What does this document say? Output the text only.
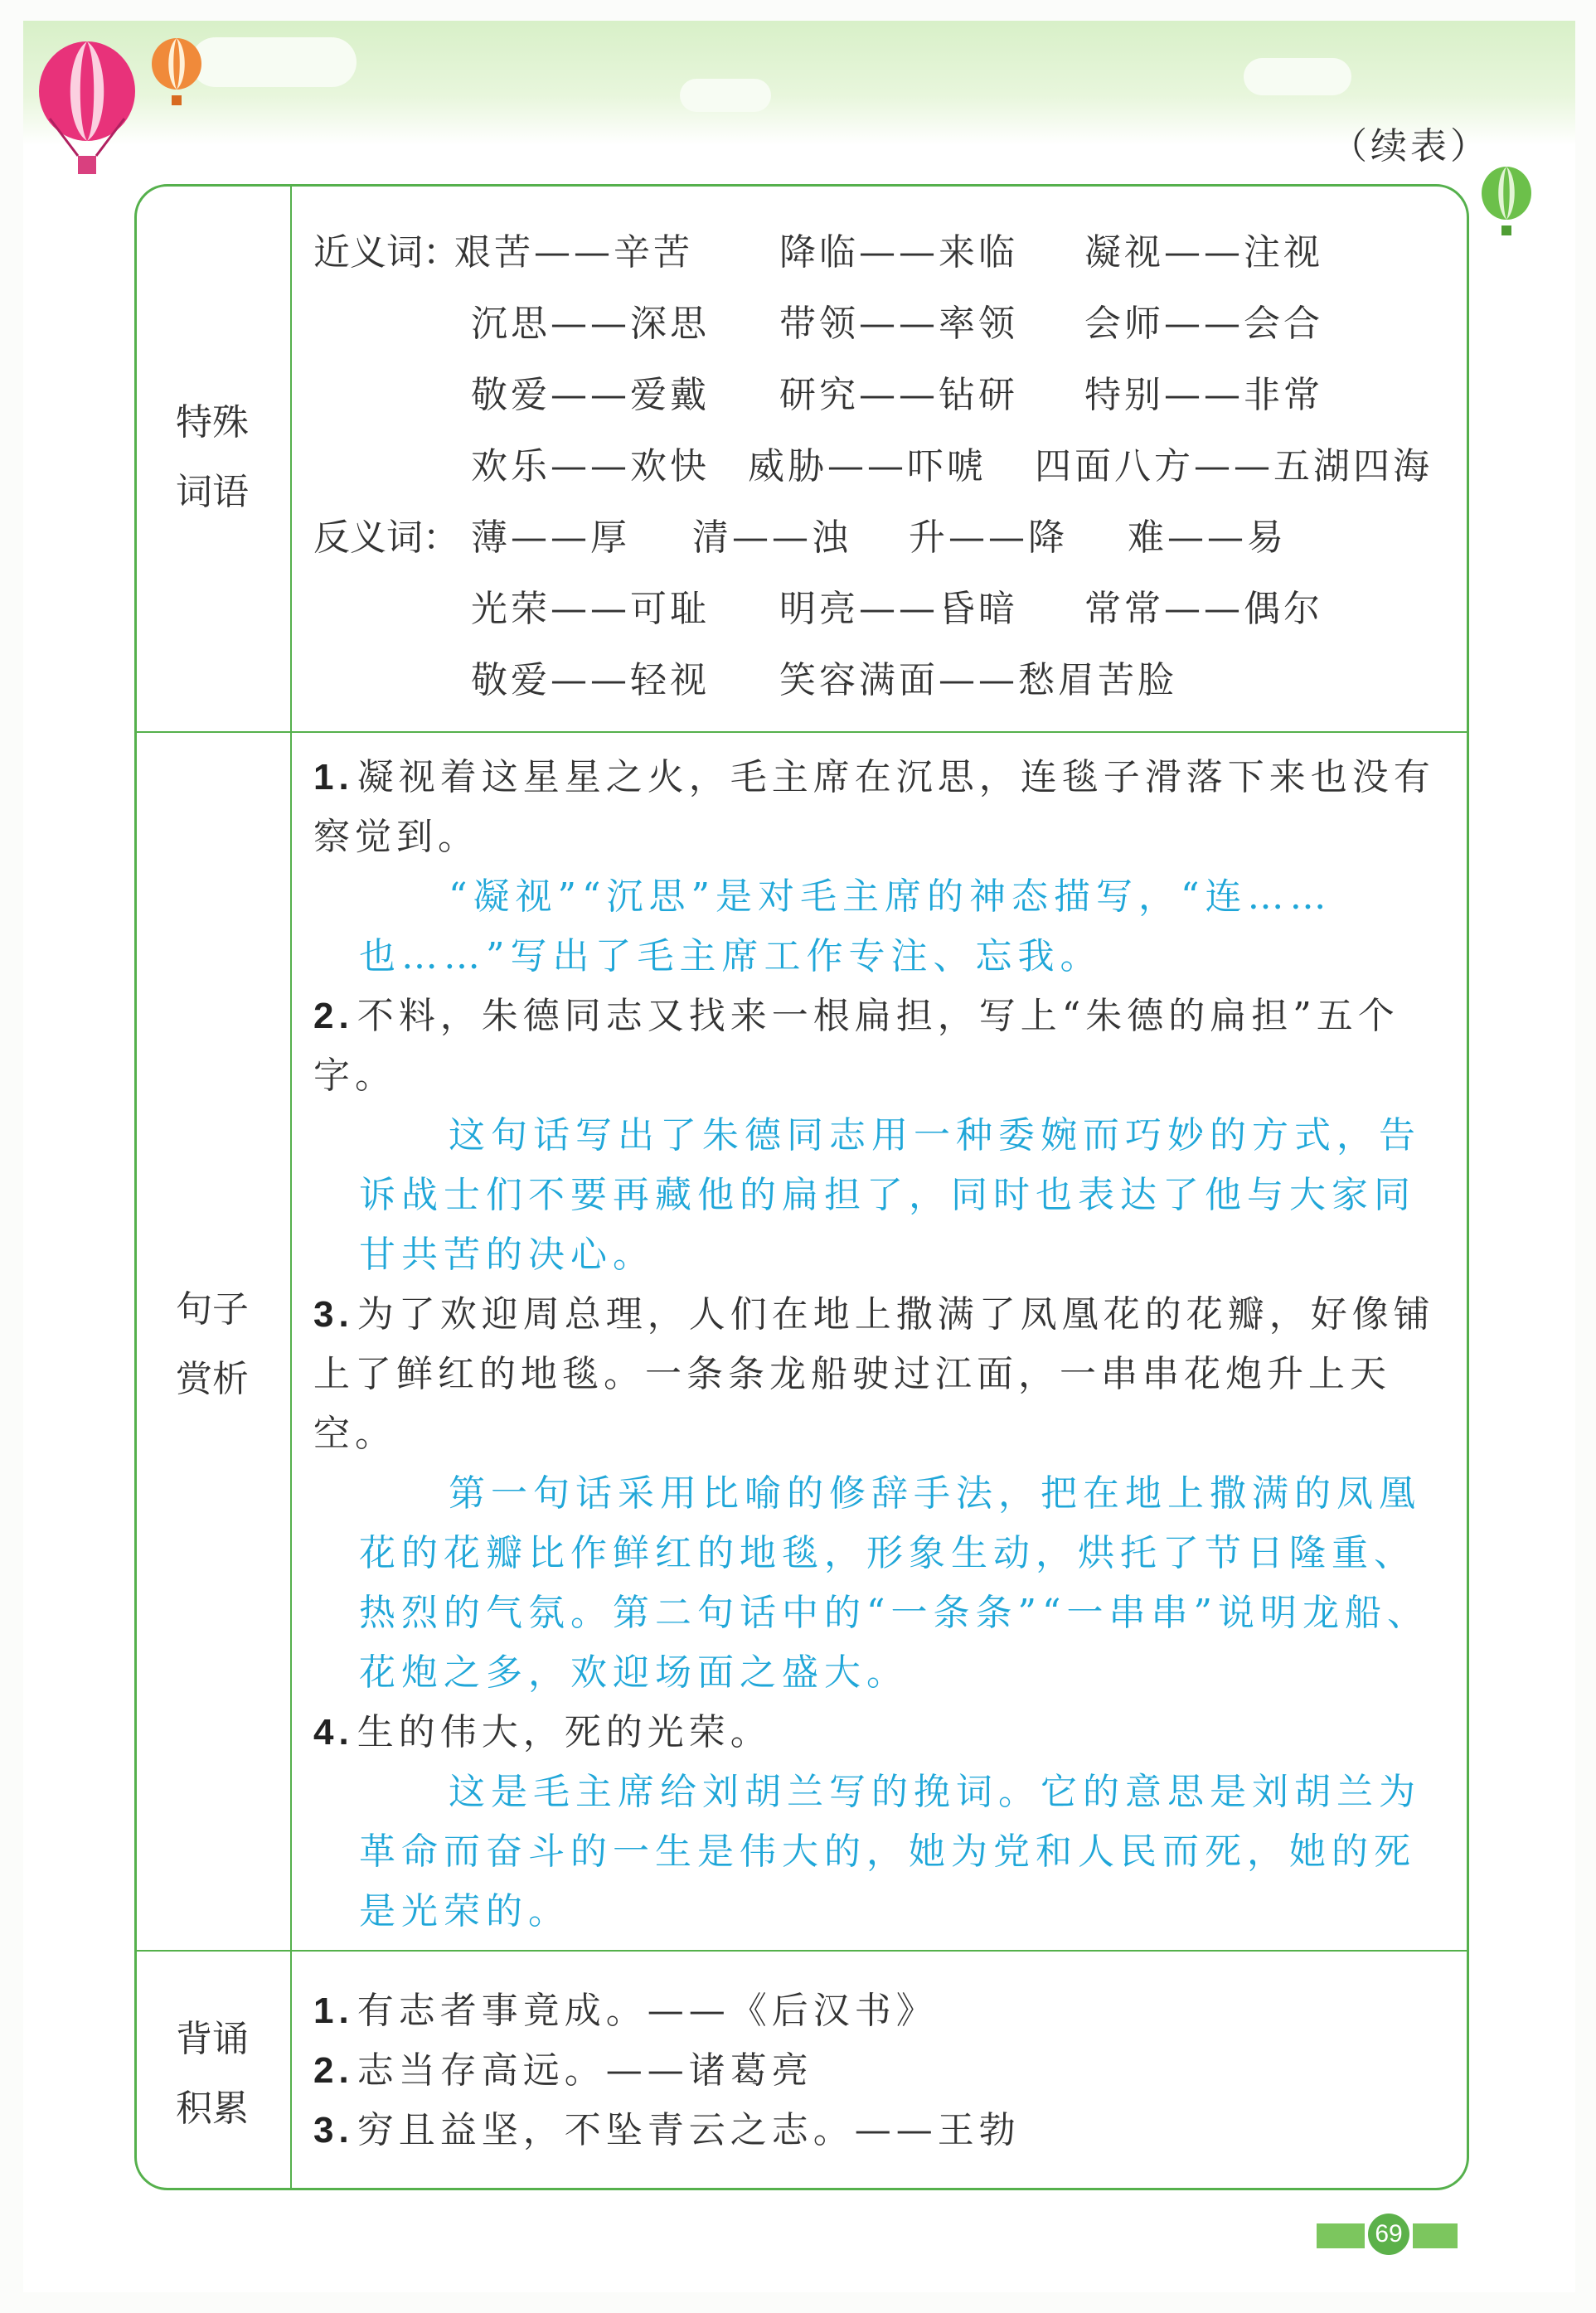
（续表）
特殊
词语
近义词：
艰苦——辛苦 降临——来临 凝视——注视
沉思——深思 带领——率领 会师——会合
敬爱——爱戴 研究——钻研 特别——非常
欢乐——欢快 威胁——吓唬 四面八方——五湖四海
反义词： 薄——厚 清——浊 升——降 难——易
光荣——可耻 明亮——昏暗 常常——偶尔
敬爱——轻视 笑容满面——愁眉苦脸
句子
赏析
1.凝视着这星星之火，毛主席在沉思，连毯子滑落下来也没有察觉到。
“凝视”“沉思”是对毛主席的神态描写，“连……也……”写出了毛主席工作专注、忘我。
2.不料，朱德同志又找来一根扁担，写上“朱德的扁担”五个字。
这句话写出了朱德同志用一种委婉而巧妙的方式，告诉战士们不要再藏他的扁担了，同时也表达了他与大家同甘共苦的决心。
3.为了欢迎周总理，人们在地上撒满了凤凰花的花瓣，好像铺上了鲜红的地毯。一条条龙船驶过江面，一串串花炮升上天空。
第一句话采用比喻的修辞手法，把在地上撒满的凤凰花的花瓣比作鲜红的地毯，形象生动，烘托了节日隆重、热烈的气氛。第二句话中的“一条条”“一串串”说明龙船、花炮之多，欢迎场面之盛大。
4.生的伟大，死的光荣。
这是毛主席给刘胡兰写的挽词。它的意思是刘胡兰为革命而奋斗的一生是伟大的，她为党和人民而死，她的死是光荣的。
背诵
积累
1.有志者事竟成。——《后汉书》
2.志当存高远。——诸葛亮
3.穷且益坚，不坠青云之志。——王勃
69
